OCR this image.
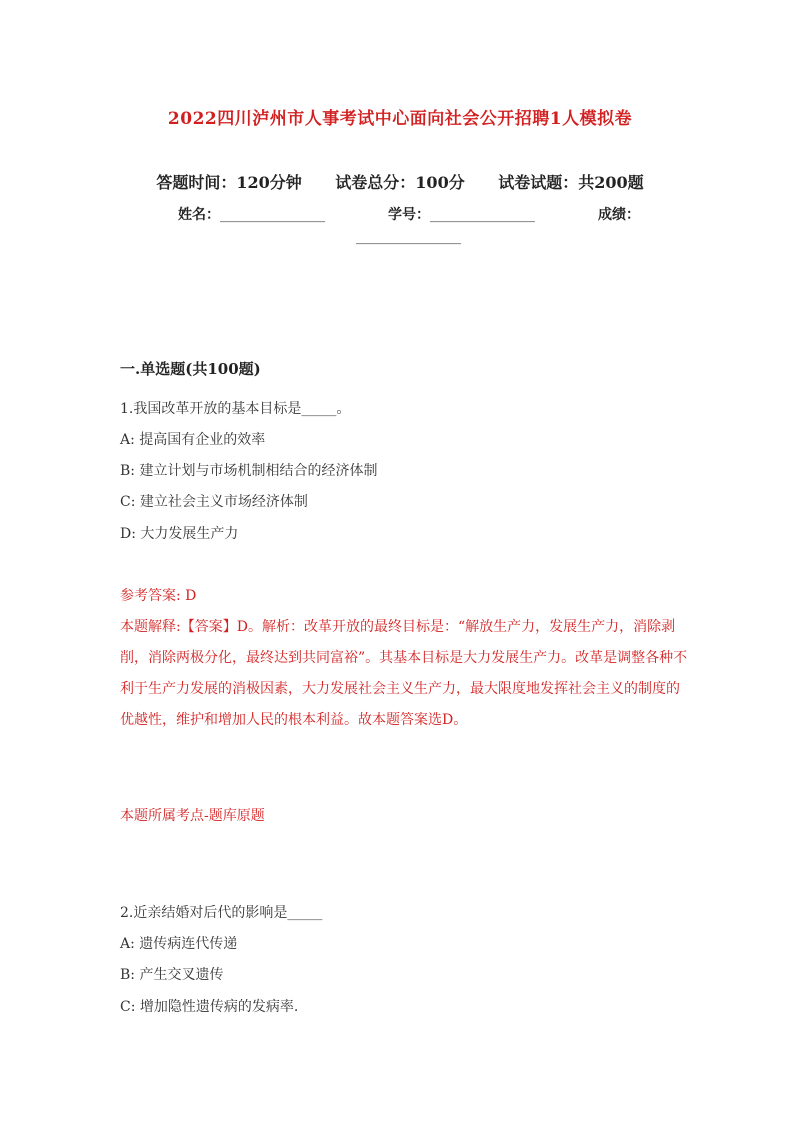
2022四川泸州市人事考试中心面向社会公开招聘1人模拟卷
答题时间：120分钟 试卷总分：100分 试卷试题：共200题
姓名：_______________	学号：_______________	成绩：
_______________
一.单选题(共100题)
1.我国改革开放的基本目标是_____。
A: 提高国有企业的效率
B: 建立计划与市场机制相结合的经济体制
C: 建立社会主义市场经济体制
D: 大力发展生产力
参考答案: D
本题解释:【答案】D。解析：改革开放的最终目标是：“解放生产力，发展生产力，消除剥削，消除两极分化，最终达到共同富裕”。其基本目标是大力发展生产力。改革是调整各种不利于生产力发展的消极因素，大力发展社会主义生产力，最大限度地发挥社会主义的制度的优越性，维护和增加人民的根本利益。故本题答案选D。
本题所属考点-题库原题
2.近亲结婚对后代的影响是_____
A: 遗传病连代传递
B: 产生交叉遗传
C: 增加隐性遗传病的发病率.
